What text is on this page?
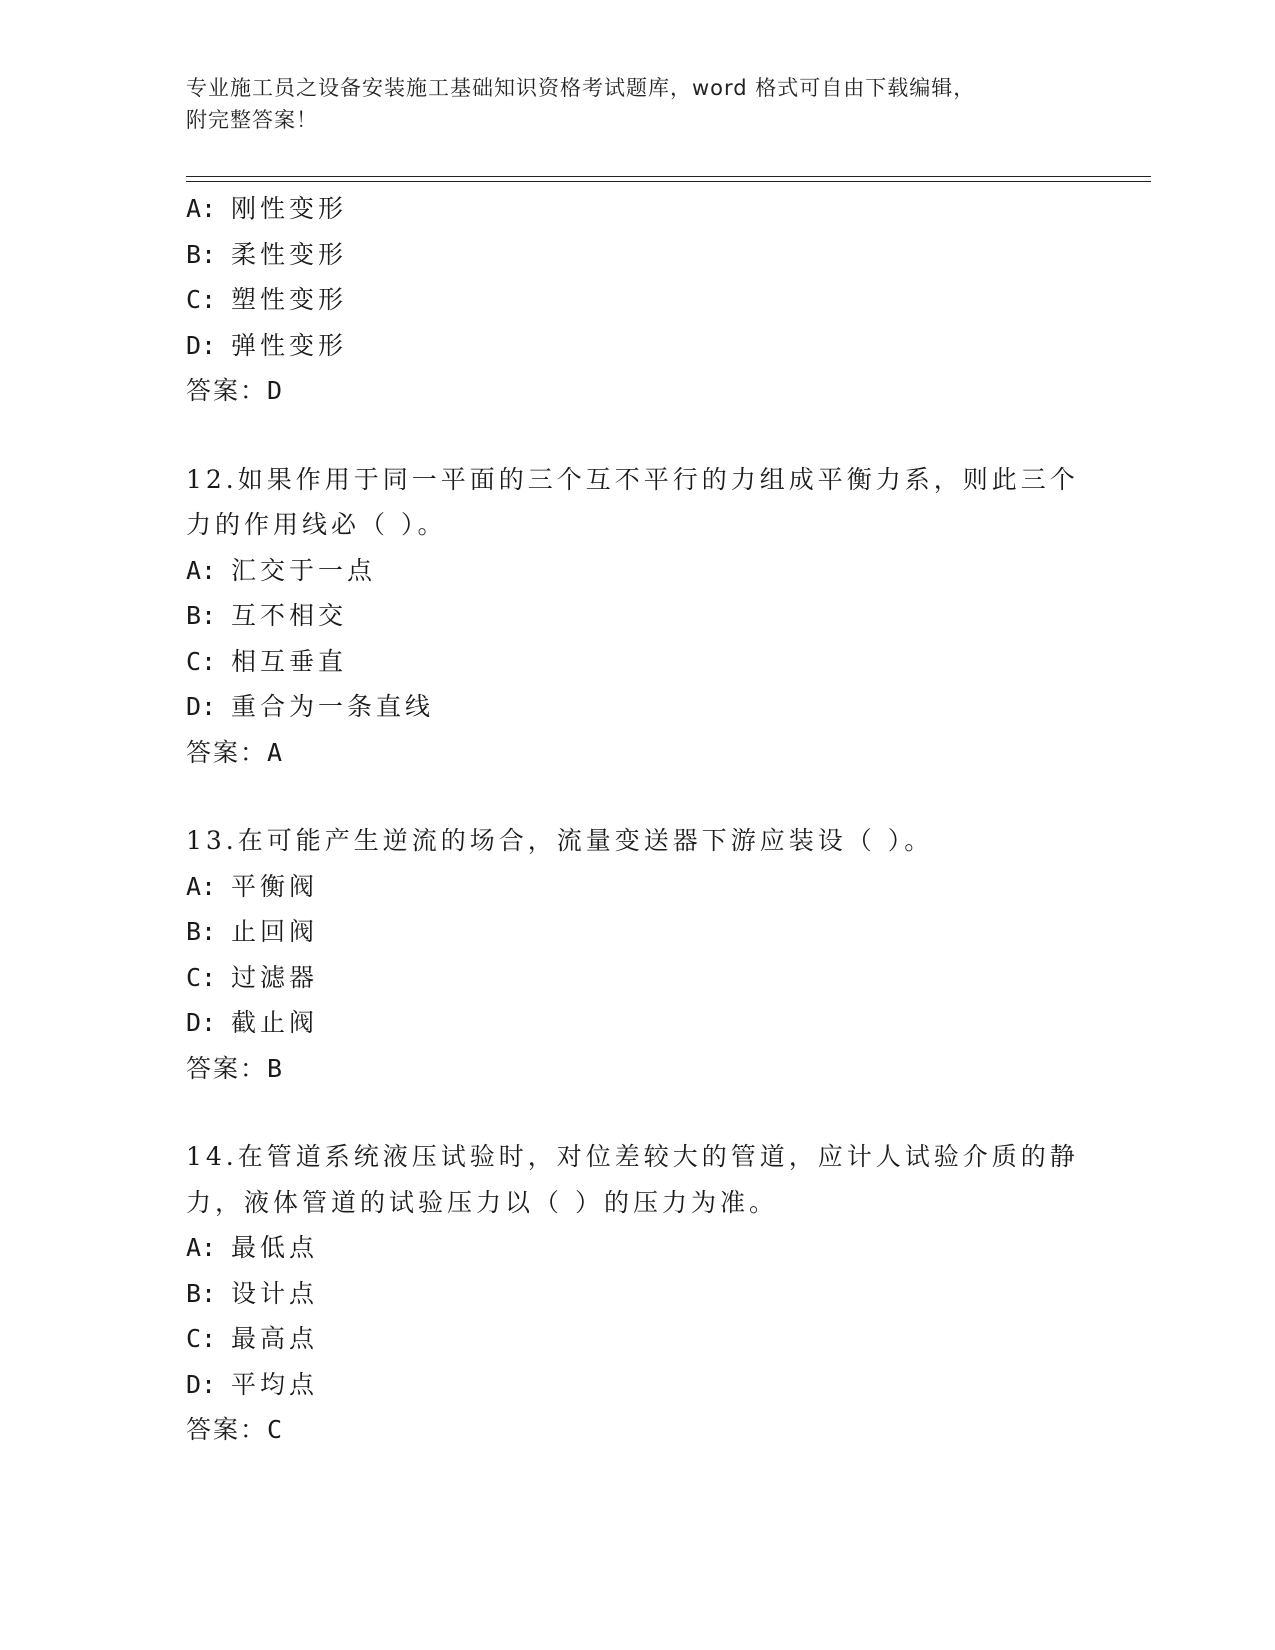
专业施工员之设备安装施工基础知识资格考试题库，word 格式可自由下载编辑，
附完整答案！
A: 刚性变形
B: 柔性变形
C: 塑性变形
D: 弹性变形
答案：D
12.如果作用于同一平面的三个互不平行的力组成平衡力系，则此三个
力的作用线必（ ）。
A: 汇交于一点
B: 互不相交
C: 相互垂直
D: 重合为一条直线
答案：A
13.在可能产生逆流的场合，流量变送器下游应装设（ ）。
A: 平衡阀
B: 止回阀
C: 过滤器
D: 截止阀
答案：B
14.在管道系统液压试验时，对位差较大的管道，应计人试验介质的静
力，液体管道的试验压力以（ ）的压力为准。
A: 最低点
B: 设计点
C: 最高点
D: 平均点
答案：C
